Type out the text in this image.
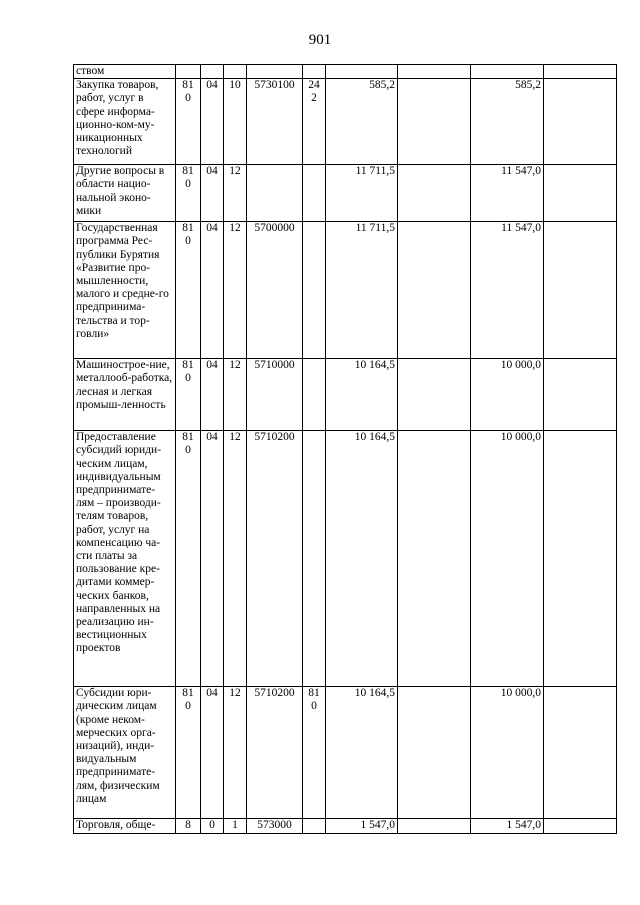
901
ством									
Закупка товаров, работ, услуг в сфере информа-ционно-ком-му-никационных технологий	810	04	10	5730100	242	585,2		585,2	
Другие вопросы в области нацио-нальной эконо-мики	810	04	12			11 711,5		11 547,0	
Государственная программа Рес-публики Бурятия «Развитие про-мышленности, малого и средне-го предпринима-тельства и тор-говли»	810	04	12	5700000		11 711,5		11 547,0	
Машинострое-ние, металлооб-работка, лесная и легкая промыш-ленность	810	04	12	5710000		10 164,5		10 000,0	
Предоставление субсидий юриди-ческим лицам, индивидуальным предпринимате-лям – производи-телям товаров, работ, услуг на компенсацию ча-сти платы за пользование кре-дитами коммер-ческих банков, направленных на реализацию ин-вестиционных проектов	810	04	12	5710200		10 164,5		10 000,0	
Субсидии юри-дическим лицам (кроме неком-мерческих орга-низаций), инди-видуальным предпринимате-лям, физическим лицам	810	04	12	5710200	810	10 164,5		10 000,0	
Торговля, обще-	8	0	1	573000		1 547,0		1 547,0	
